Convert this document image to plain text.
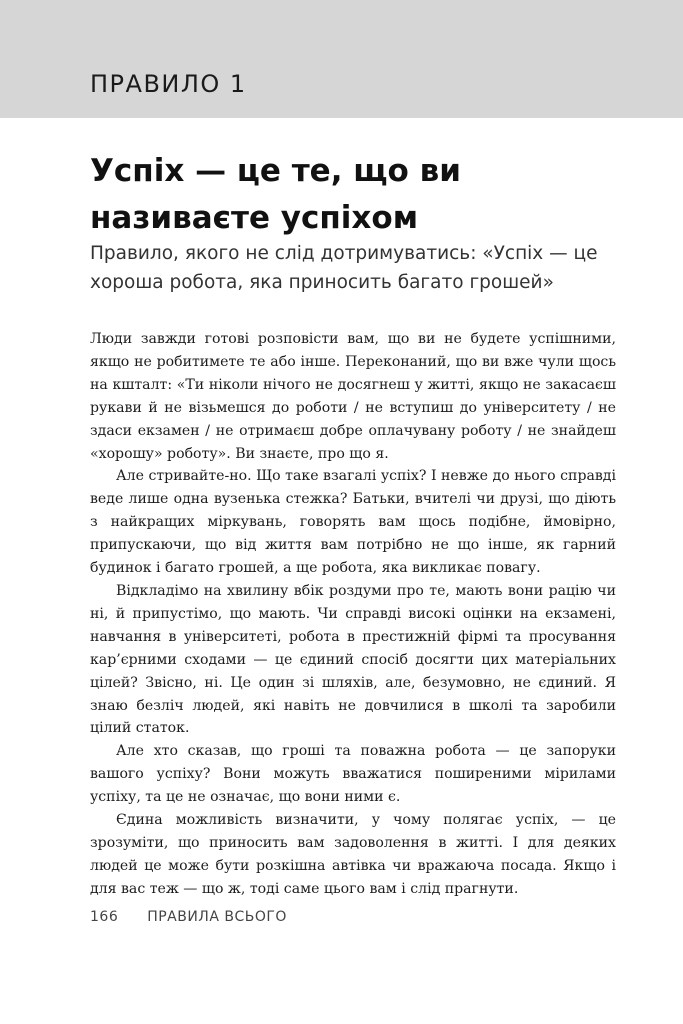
ПРАВИЛО 1
Успіх — це те, що ви називаєте успіхом
Правило, якого не слід дотримуватись: «Успіх — це хороша робота, яка приносить багато грошей»

Люди завжди готові розповісти вам, що ви не будете успішними, якщо не робитимете те або інше. Переконаний, що ви вже чули щось на кшталт: «Ти ніколи нічого не досягнеш у житті, якщо не закасаєш рукави й не візьмешся до роботи / не вступиш до університету / не здаси екзамен / не отримаєш добре оплачувану роботу / не знайдеш «хорошу» роботу». Ви знаєте, про що я.

Але стривайте-но. Що таке взагалі успіх? І невже до нього справді веде лише одна вузенька стежка? Батьки, вчителі чи друзі, що діють з найкращих міркувань, говорять вам щось подібне, ймовірно, припускаючи, що від життя вам потрібно не що інше, як гарний будинок і багато грошей, а ще робота, яка викликає повагу.

Відкладімо на хвилину вбік роздуми про те, мають вони рацію чи ні, й припустімо, що мають. Чи справді високі оцінки на екзамені, навчання в університеті, робота в престижній фірмі та просування кар’єрними сходами — це єдиний спосіб досягти цих матеріальних цілей? Звісно, ні. Це один зі шляхів, але, безумовно, не єдиний. Я знаю безліч людей, які навіть не довчилися в школі та заробили цілий статок.

Але хто сказав, що гроші та поважна робота — це запоруки вашого успіху? Вони можуть вважатися поширеними мірилами успіху, та це не означає, що вони ними є.

Єдина можливість визначити, у чому полягає успіх, — це зрозуміти, що приносить вам задоволення в житті. І для деяких людей це може бути розкішна автівка чи вражаюча посада. Якщо і для вас теж — що ж, тоді саме цього вам і слід прагнути.

166 ПРАВИЛА ВСЬОГО
